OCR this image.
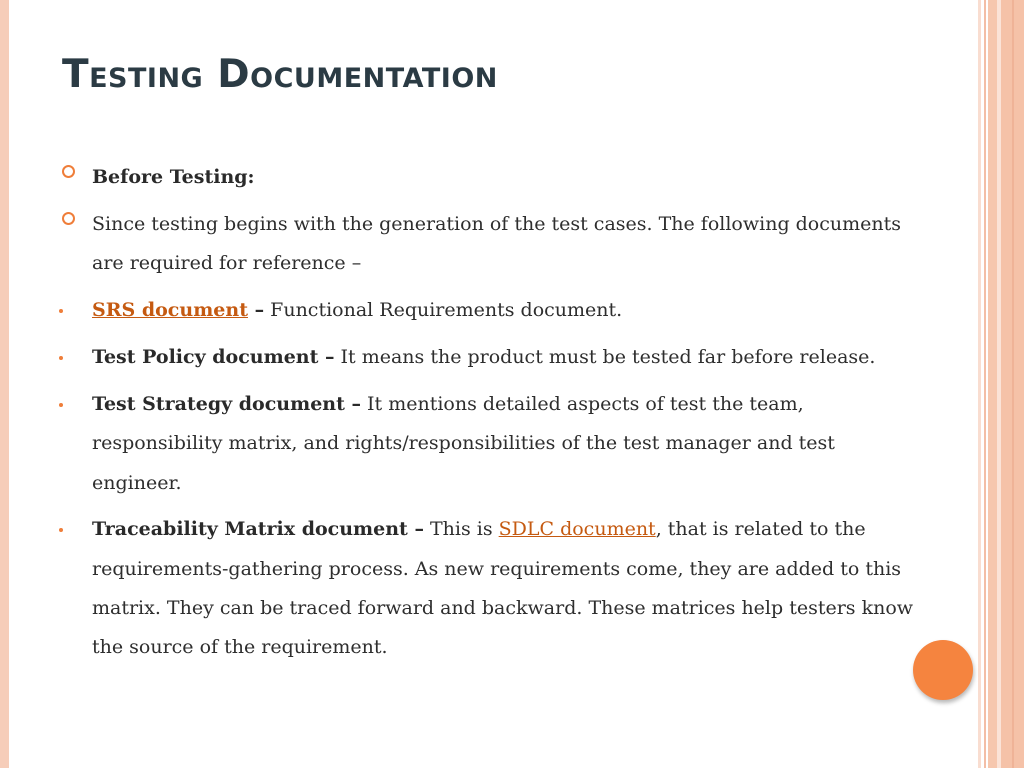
Testing Documentation
Before Testing:
Since testing begins with the generation of the test cases. The following documents
are required for reference –
SRS document – Functional Requirements document.
Test Policy document – It means the product must be tested far before release.
Test Strategy document – It mentions detailed aspects of test the team,
responsibility matrix, and rights/responsibilities of the test manager and test
engineer.
Traceability Matrix document – This is SDLC document, that is related to the
requirements-gathering process. As new requirements come, they are added to this
matrix. They can be traced forward and backward. These matrices help testers know
the source of the requirement.
